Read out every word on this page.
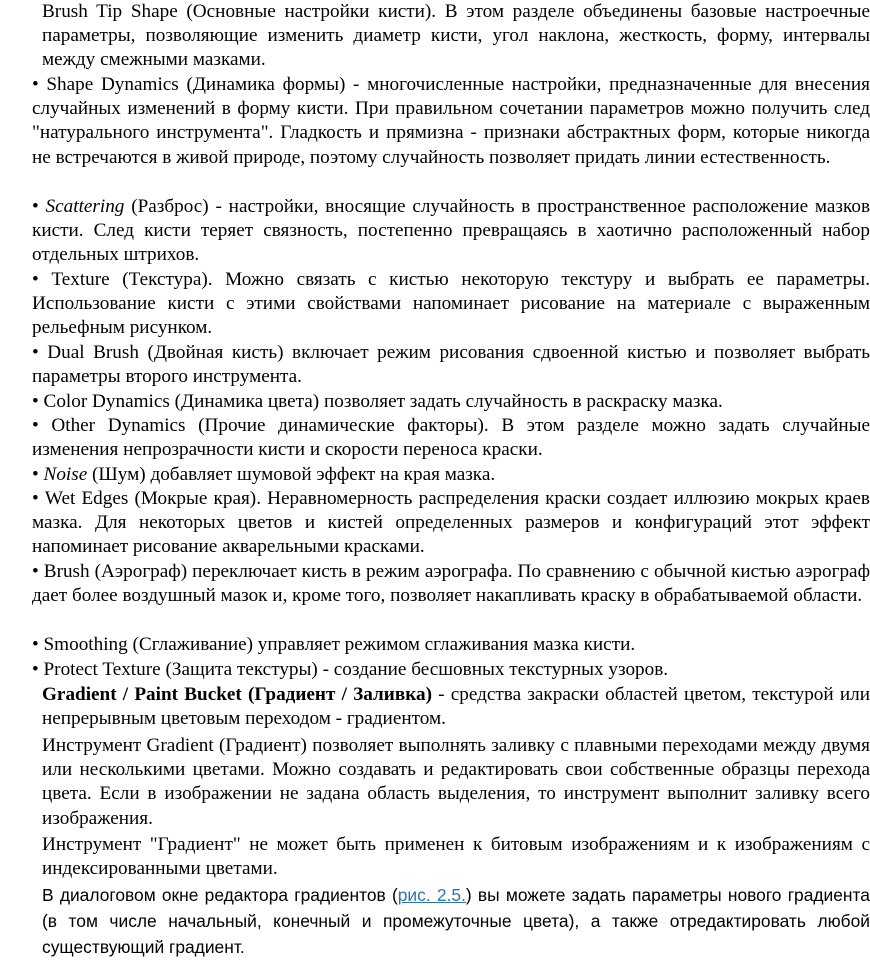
Brush Tip Shape (Основные настройки кисти). В этом разделе объединены базовые настроечные параметры, позволяющие изменить диаметр кисти, угол наклона, жесткость, форму, интервалы между смежными мазками.

• Shape Dynamics (Динамика формы) - многочисленные настройки, предназначенные для внесения случайных изменений в форму кисти. При правильном сочетании параметров можно получить след "натурального инструмента". Гладкость и прямизна - признаки абстрактных форм, которые никогда не встречаются в живой природе, поэтому случайность позволяет придать линии естественность.

• Scattering (Разброс) - настройки, вносящие случайность в пространственное расположение мазков кисти. След кисти теряет связность, постепенно превращаясь в хаотично расположенный набор отдельных штрихов.

• Texture (Текстура). Можно связать с кистью некоторую текстуру и выбрать ее параметры. Использование кисти с этими свойствами напоминает рисование на материале с выраженным рельефным рисунком.

• Dual Brush (Двойная кисть) включает режим рисования сдвоенной кистью и позволяет выбрать параметры второго инструмента.

• Color Dynamics (Динамика цвета) позволяет задать случайность в раскраску мазка.

• Other Dynamics (Прочие динамические факторы). В этом разделе можно задать случайные изменения непрозрачности кисти и скорости переноса краски.

• Noise (Шум) добавляет шумовой эффект на края мазка.

• Wet Edges (Мокрые края). Неравномерность распределения краски создает иллюзию мокрых краев мазка. Для некоторых цветов и кистей определенных размеров и конфигураций этот эффект напоминает рисование акварельными красками.

• Brush (Аэрограф) переключает кисть в режим аэрографа. По сравнению с обычной кистью аэрограф дает более воздушный мазок и, кроме того, позволяет накапливать краску в обрабатываемой области.

• Smoothing (Сглаживание) управляет режимом сглаживания мазка кисти.

• Protect Texture (Защита текстуры) - создание бесшовных текстурных узоров.

Gradient / Paint Bucket (Градиент / Заливка) - средства закраски областей цветом, текстурой или непрерывным цветовым переходом - градиентом.

Инструмент Gradient (Градиент) позволяет выполнять заливку с плавными переходами между двумя или несколькими цветами. Можно создавать и редактировать свои собственные образцы перехода цвета. Если в изображении не задана область выделения, то инструмент выполнит заливку всего изображения.

Инструмент "Градиент" не может быть применен к битовым изображениям и к изображениям с индексированными цветами.

В диалоговом окне редактора градиентов (рис. 2.5.) вы можете задать параметры нового градиента (в том числе начальный, конечный и промежуточные цвета), а также отредактировать любой существующий градиент.
